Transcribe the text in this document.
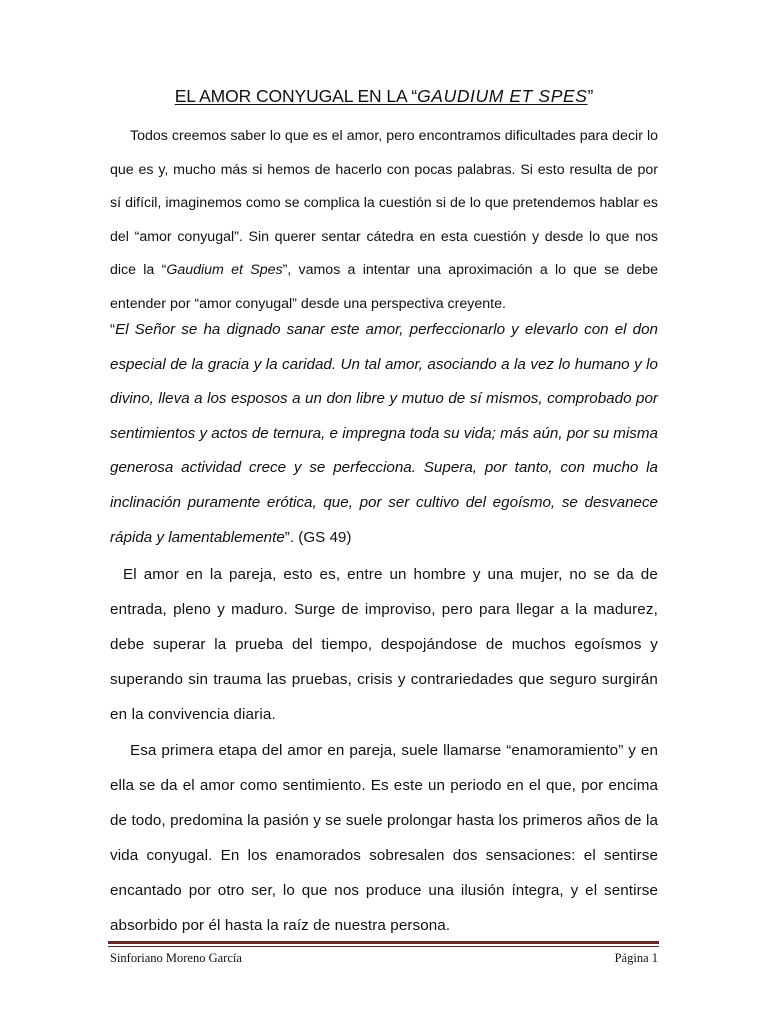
EL AMOR CONYUGAL EN LA “GAUDIUM ET SPES”

Todos creemos saber lo que es el amor, pero encontramos dificultades para decir lo que es y, mucho más si hemos de hacerlo con pocas palabras. Si esto resulta de por sí difícil, imaginemos como se complica la cuestión si de lo que pretendemos hablar es del “amor conyugal”. Sin querer sentar cátedra en esta cuestión y desde lo que nos dice la “Gaudium et Spes”, vamos a intentar una aproximación a lo que se debe entender por “amor conyugal” desde una perspectiva creyente.

“El Señor se ha dignado sanar este amor, perfeccionarlo y elevarlo con el don especial de la gracia y la caridad. Un tal amor, asociando a la vez lo humano y lo divino, lleva a los esposos a un don libre y mutuo de sí mismos, comprobado por sentimientos y actos de ternura, e impregna toda su vida; más aún, por su misma generosa actividad crece y se perfecciona. Supera, por tanto, con mucho la inclinación puramente erótica, que, por ser cultivo del egoísmo, se desvanece rápida y lamentablemente”. (GS 49)

El amor en la pareja, esto es, entre un hombre y una mujer, no se da de entrada, pleno y maduro. Surge de improviso, pero para llegar a la madurez, debe superar la prueba del tiempo, despojándose de muchos egoísmos y superando sin trauma las pruebas, crisis y contrariedades que seguro surgirán en la convivencia diaria.

Esa primera etapa del amor en pareja, suele llamarse “enamoramiento” y en ella se da el amor como sentimiento. Es este un periodo en el que, por encima de todo, predomina la pasión y se suele prolongar hasta los primeros años de la vida conyugal. En los enamorados sobresalen dos sensaciones: el sentirse encantado por otro ser, lo que nos produce una ilusión íntegra, y el sentirse absorbido por él hasta la raíz de nuestra persona.

Sinforiano Moreno García	Página 1
